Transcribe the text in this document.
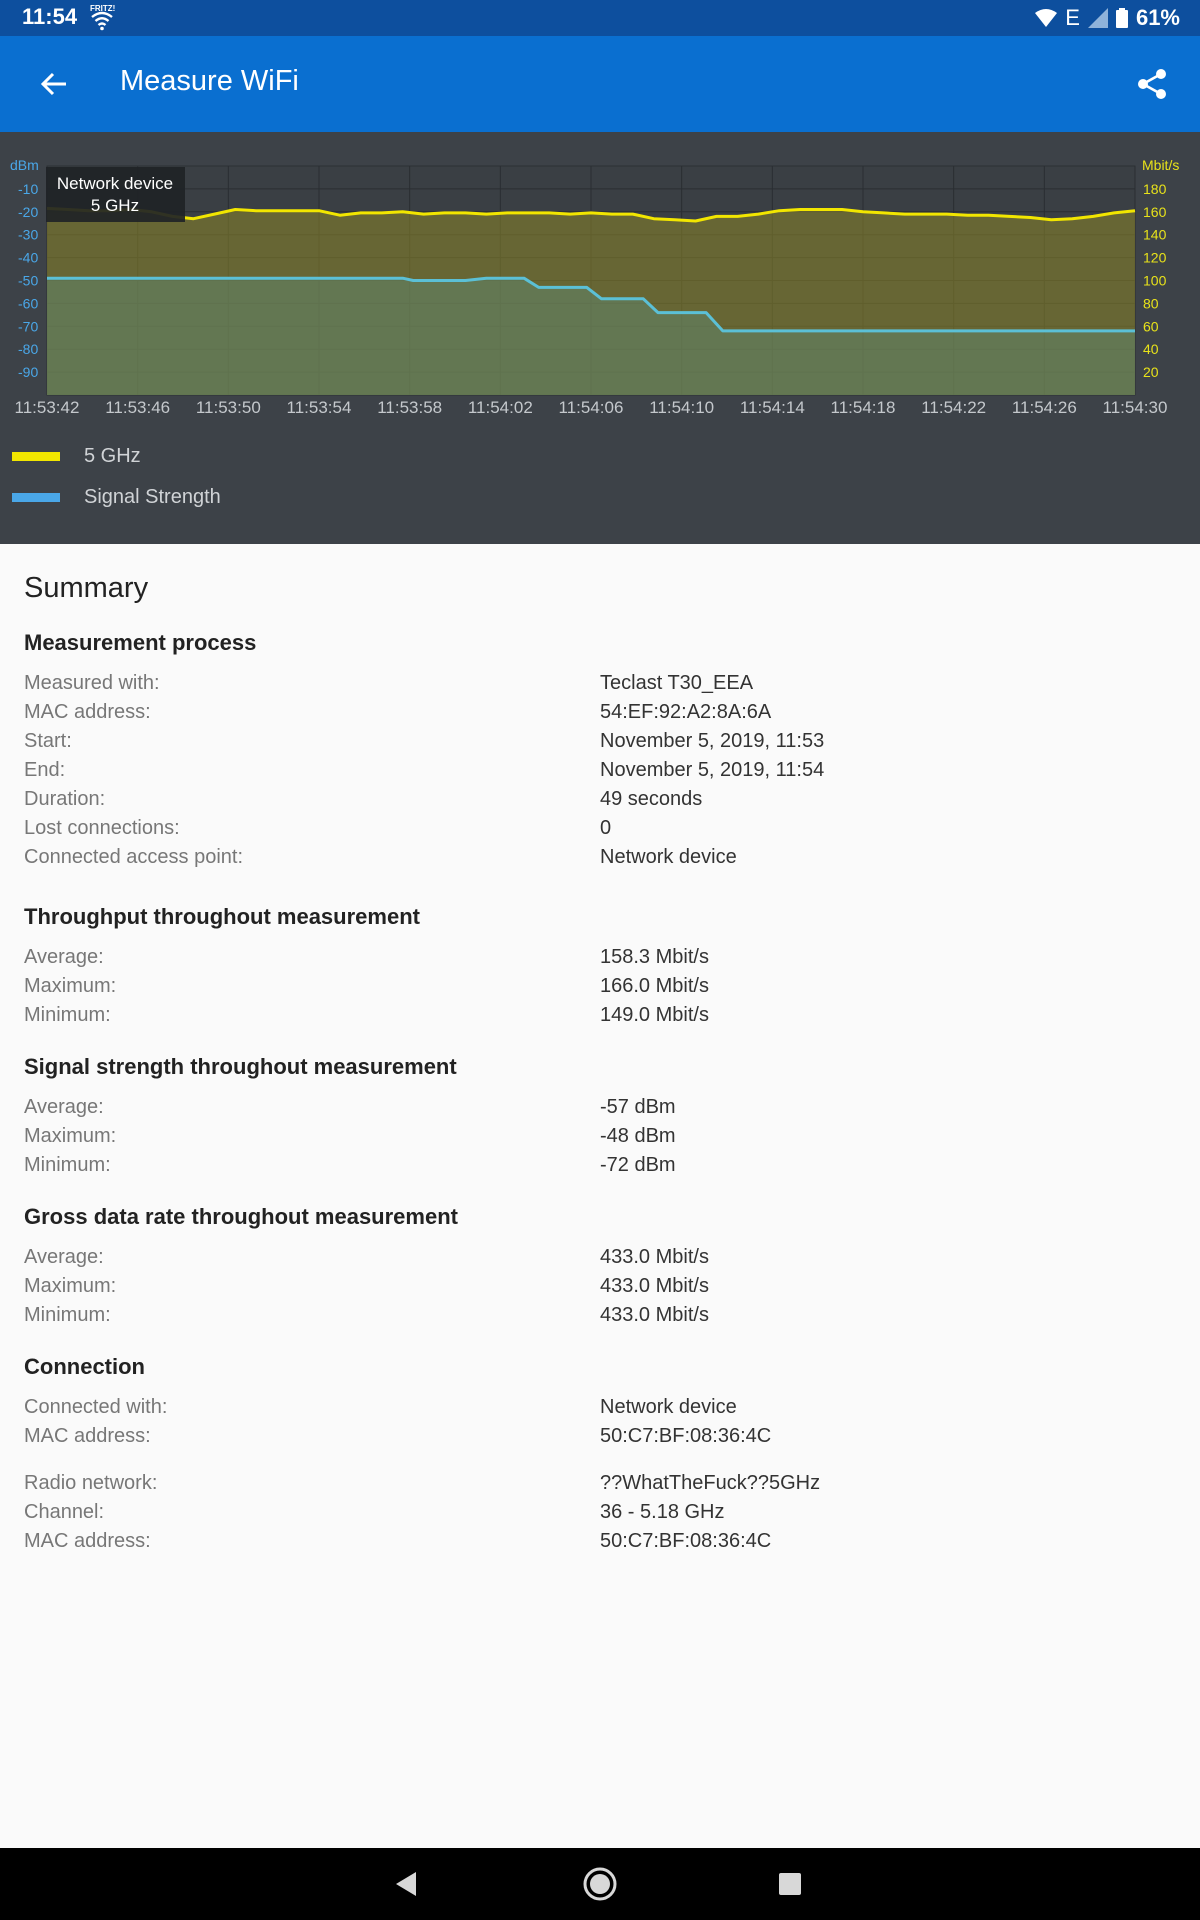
11:54 FRITZ!	E	61%
Measure WiFi
dBm
-10
-20
-30
-40
-50
-60
-70
-80
-90
Mbit/s
180
160
140
120
100
80
60
40
20
11:53:42 11:53:46 11:53:50 11:53:54 11:53:58 11:54:02 11:54:06 11:54:10 11:54:14 11:54:18 11:54:22 11:54:26 11:54:30
Network device
5 GHz
5 GHz
Signal Strength
Summary
Measurement process
Measured with:	Teclast T30_EEA
MAC address:	54:EF:92:A2:8A:6A
Start:	November 5, 2019, 11:53
End:	November 5, 2019, 11:54
Duration:	49 seconds
Lost connections:	0
Connected access point:	Network device
Throughput throughout measurement
Average:	158.3 Mbit/s
Maximum:	166.0 Mbit/s
Minimum:	149.0 Mbit/s
Signal strength throughout measurement
Average:	-57 dBm
Maximum:	-48 dBm
Minimum:	-72 dBm
Gross data rate throughout measurement
Average:	433.0 Mbit/s
Maximum:	433.0 Mbit/s
Minimum:	433.0 Mbit/s
Connection
Connected with:	Network device
MAC address:	50:C7:BF:08:36:4C
Radio network:	??WhatTheFuck??5GHz
Channel:	36 - 5.18 GHz
MAC address:	50:C7:BF:08:36:4C
